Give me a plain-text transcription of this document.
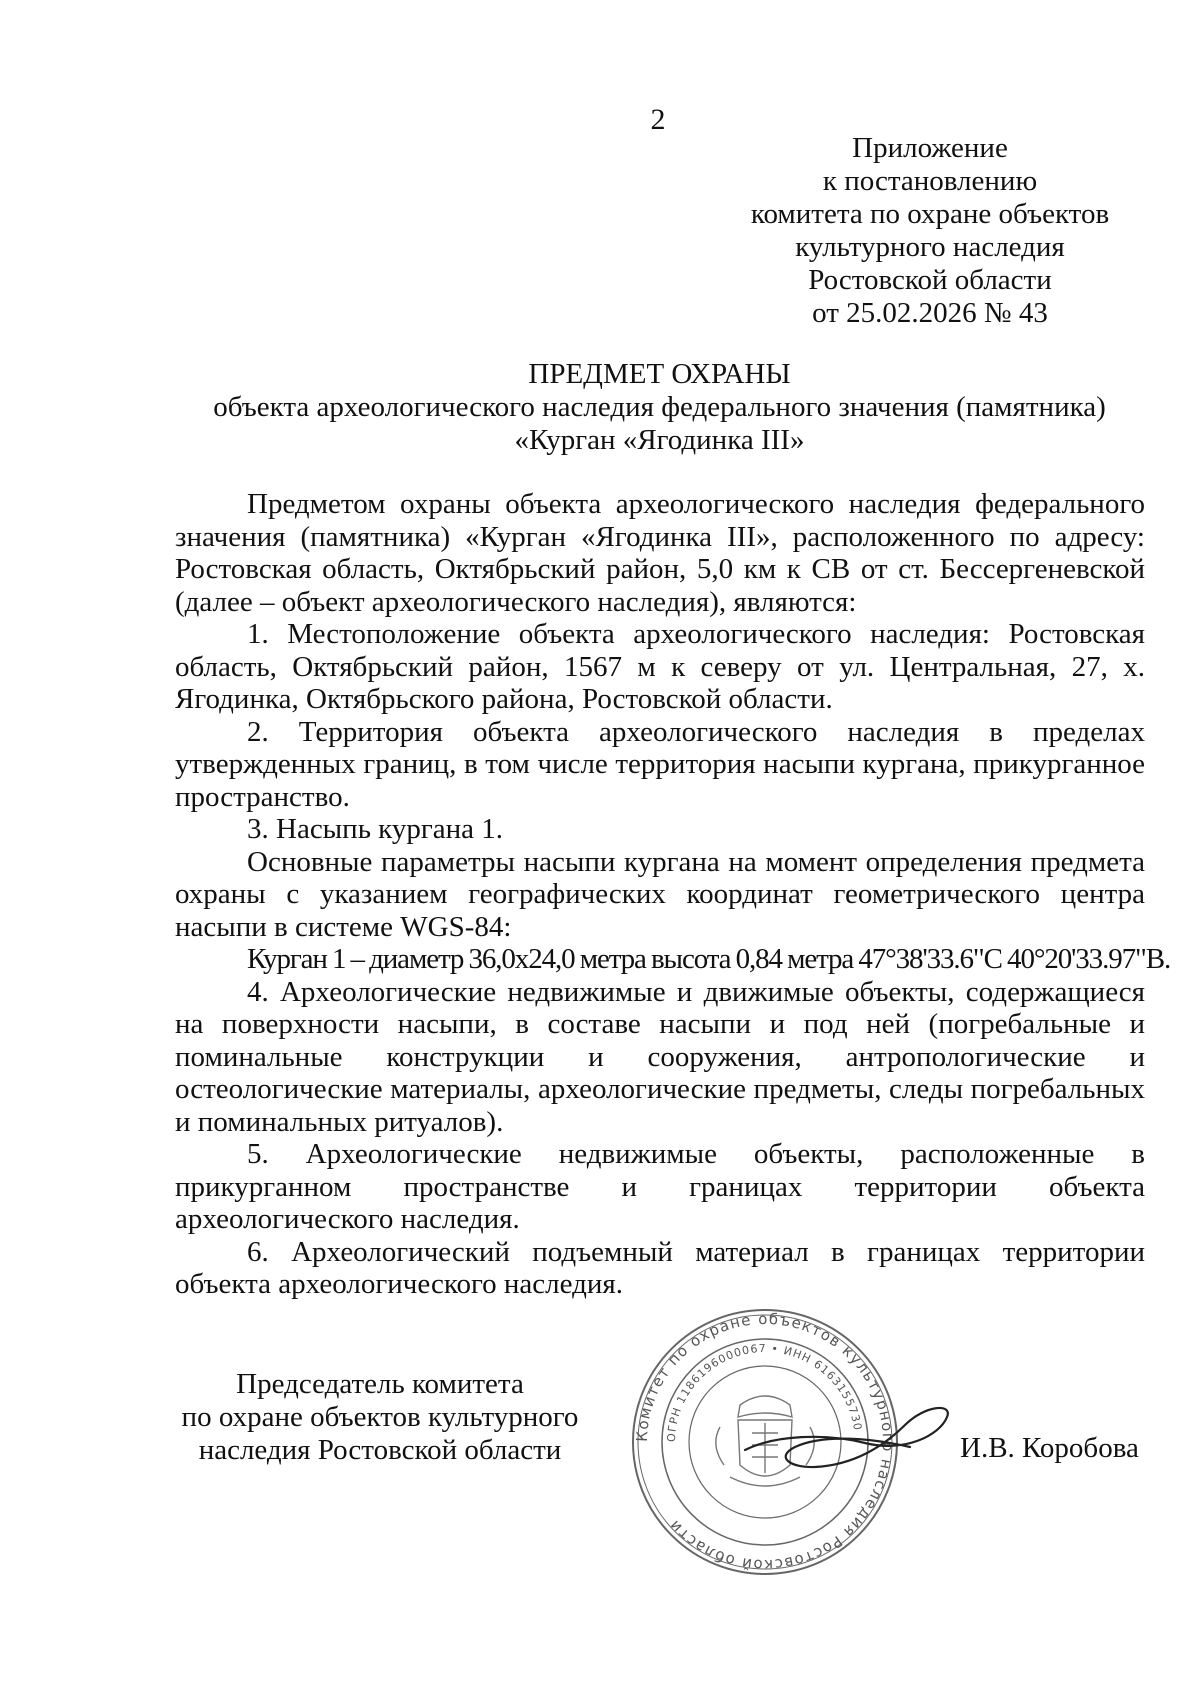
2
Приложение
к постановлению
комитета по охране объектов
культурного наследия
Ростовской области
от 25.02.2026 № 43
ПРЕДМЕТ ОХРАНЫ
объекта археологического наследия федерального значения (памятника)
«Курган «Ягодинка III»

Предметом охраны объекта археологического наследия федерального значения (памятника) «Курган «Ягодинка III», расположенного по адресу: Ростовская область, Октябрьский район, 5,0 км к СВ от ст. Бессергеневской (далее – объект археологического наследия), являются:

1. Местоположение объекта археологического наследия: Ростовская область, Октябрьский район, 1567 м к северу от ул. Центральная, 27, х. Ягодинка, Октябрьского района, Ростовской области.

2. Территория объекта археологического наследия в пределах утвержденных границ, в том числе территория насыпи кургана, прикурганное пространство.

3. Насыпь кургана 1.

Основные параметры насыпи кургана на момент определения предмета охраны с указанием географических координат геометрического центра насыпи в системе WGS-84:

Курган 1 – диаметр 36,0х24,0 метра высота 0,84 метра 47°38'33.6"С 40°20'33.97"В.

4. Археологические недвижимые и движимые объекты, содержащиеся на поверхности насыпи, в составе насыпи и под ней (погребальные и поминальные конструкции и сооружения, антропологические и остеологические материалы, археологические предметы, следы погребальных и поминальных ритуалов).

5. Археологические недвижимые объекты, расположенные в прикурганном пространстве и границах территории объекта археологического наследия.

6. Археологический подъемный материал в границах территории объекта археологического наследия.

Председатель комитета
по охране объектов культурного
наследия Ростовской области	Комитет по охране объектов культурного наследия Ростовской области
ОГРН 1186196000067 • ИНН 6163155730
И.В. Коробова
